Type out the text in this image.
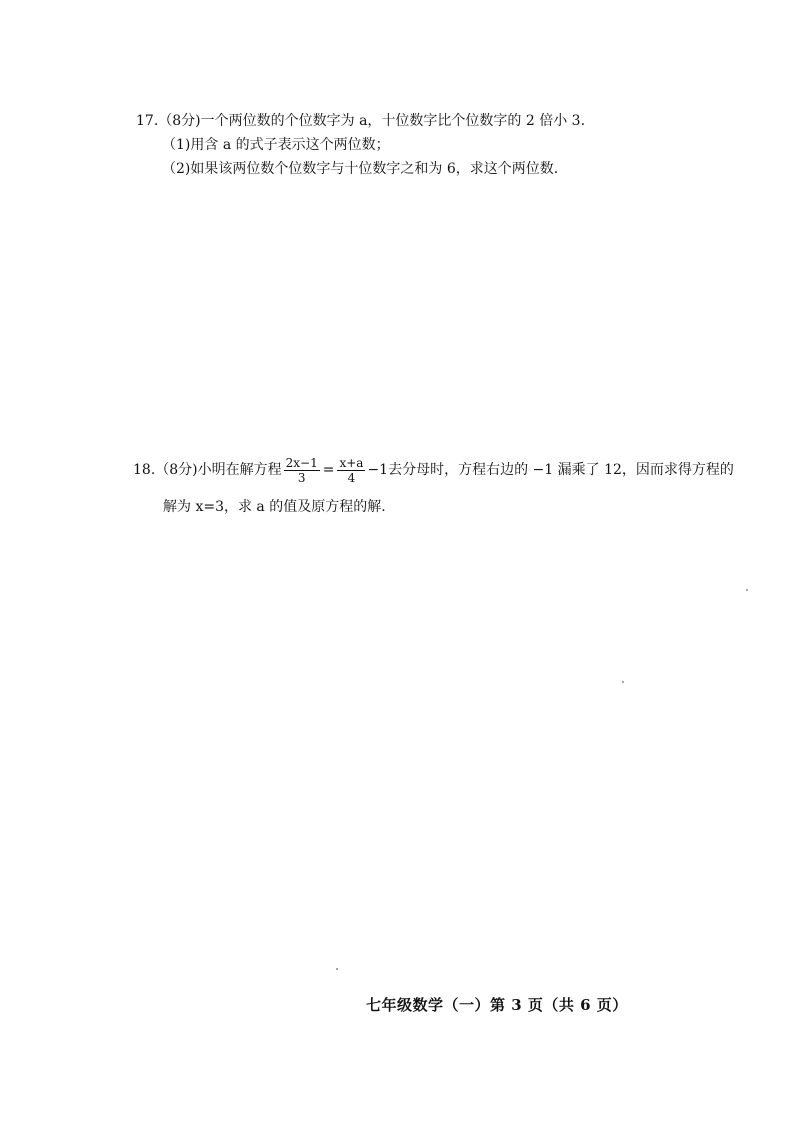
17.（8分)一个两位数的个位数字为 a，十位数字比个位数字的 2 倍小 3.
（1)用含 a 的式子表示这个两位数；
（2)如果该两位数个位数字与十位数字之和为 6，求这个两位数.
18.（8分)小明在解方程 $\frac{2x-1}{3} = \frac{x+a}{4} -1$ 去分母时，方程右边的 −1 漏乘了 12，因而求得方程的
解为 x=3，求 a 的值及原方程的解.
七年级数学（一）第 3 页（共 6 页）
